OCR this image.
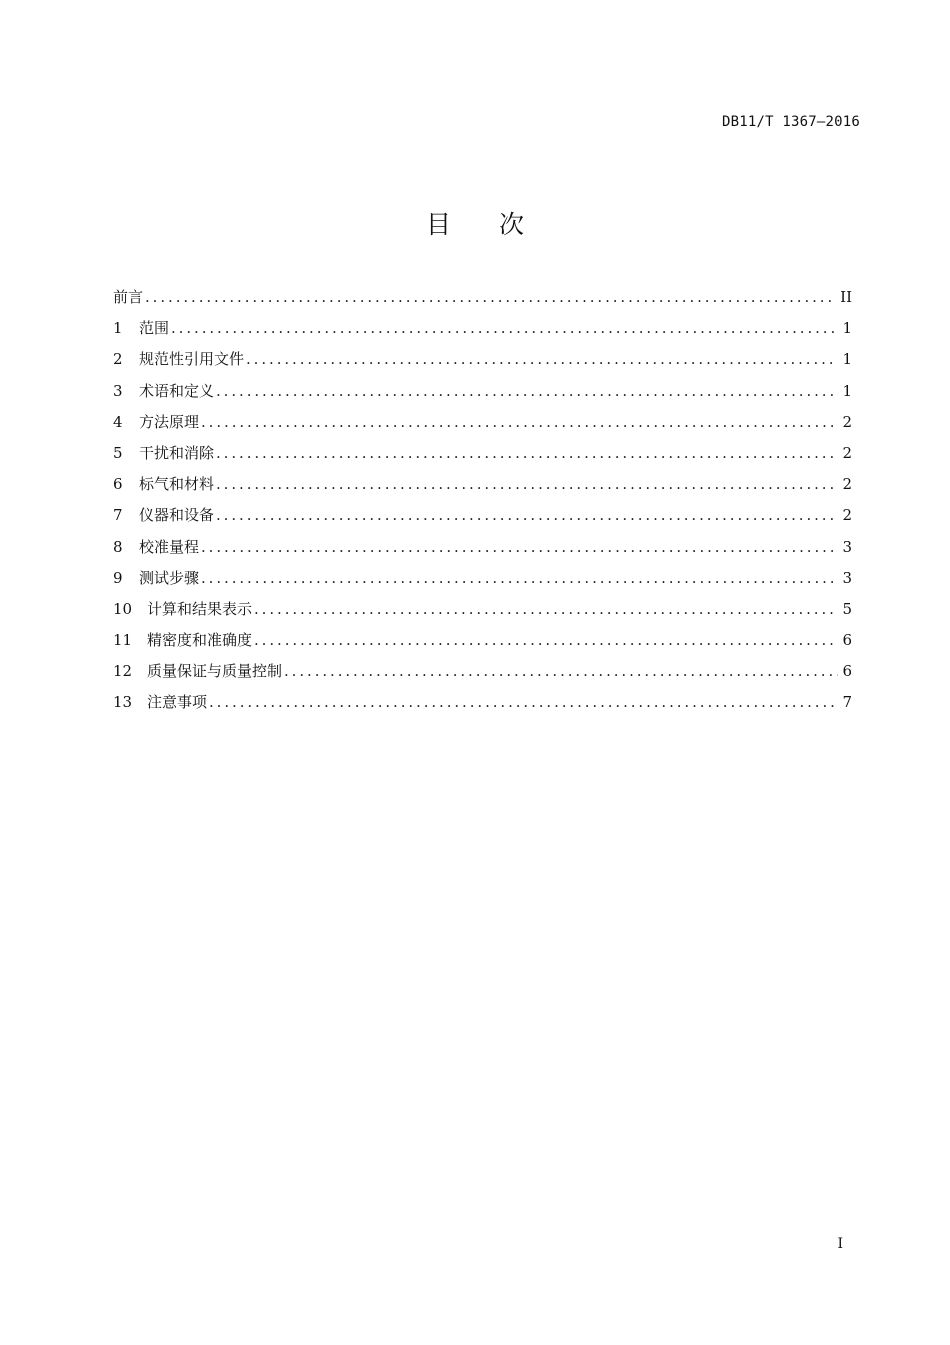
DB11/T 1367—2016
目次
前言 .....	II
1	范围 .....	1
2	规范性引用文件 .....	1
3	术语和定义 .....	1
4	方法原理 .....	2
5	干扰和消除 .....	2
6	标气和材料 .....	2
7	仪器和设备 .....	2
8	校准量程 .....	3
9	测试步骤 .....	3
10 计算和结果表示 .....	5
11 精密度和准确度 .....	6
12 质量保证与质量控制 .....	6
13 注意事项 .....	7
I
